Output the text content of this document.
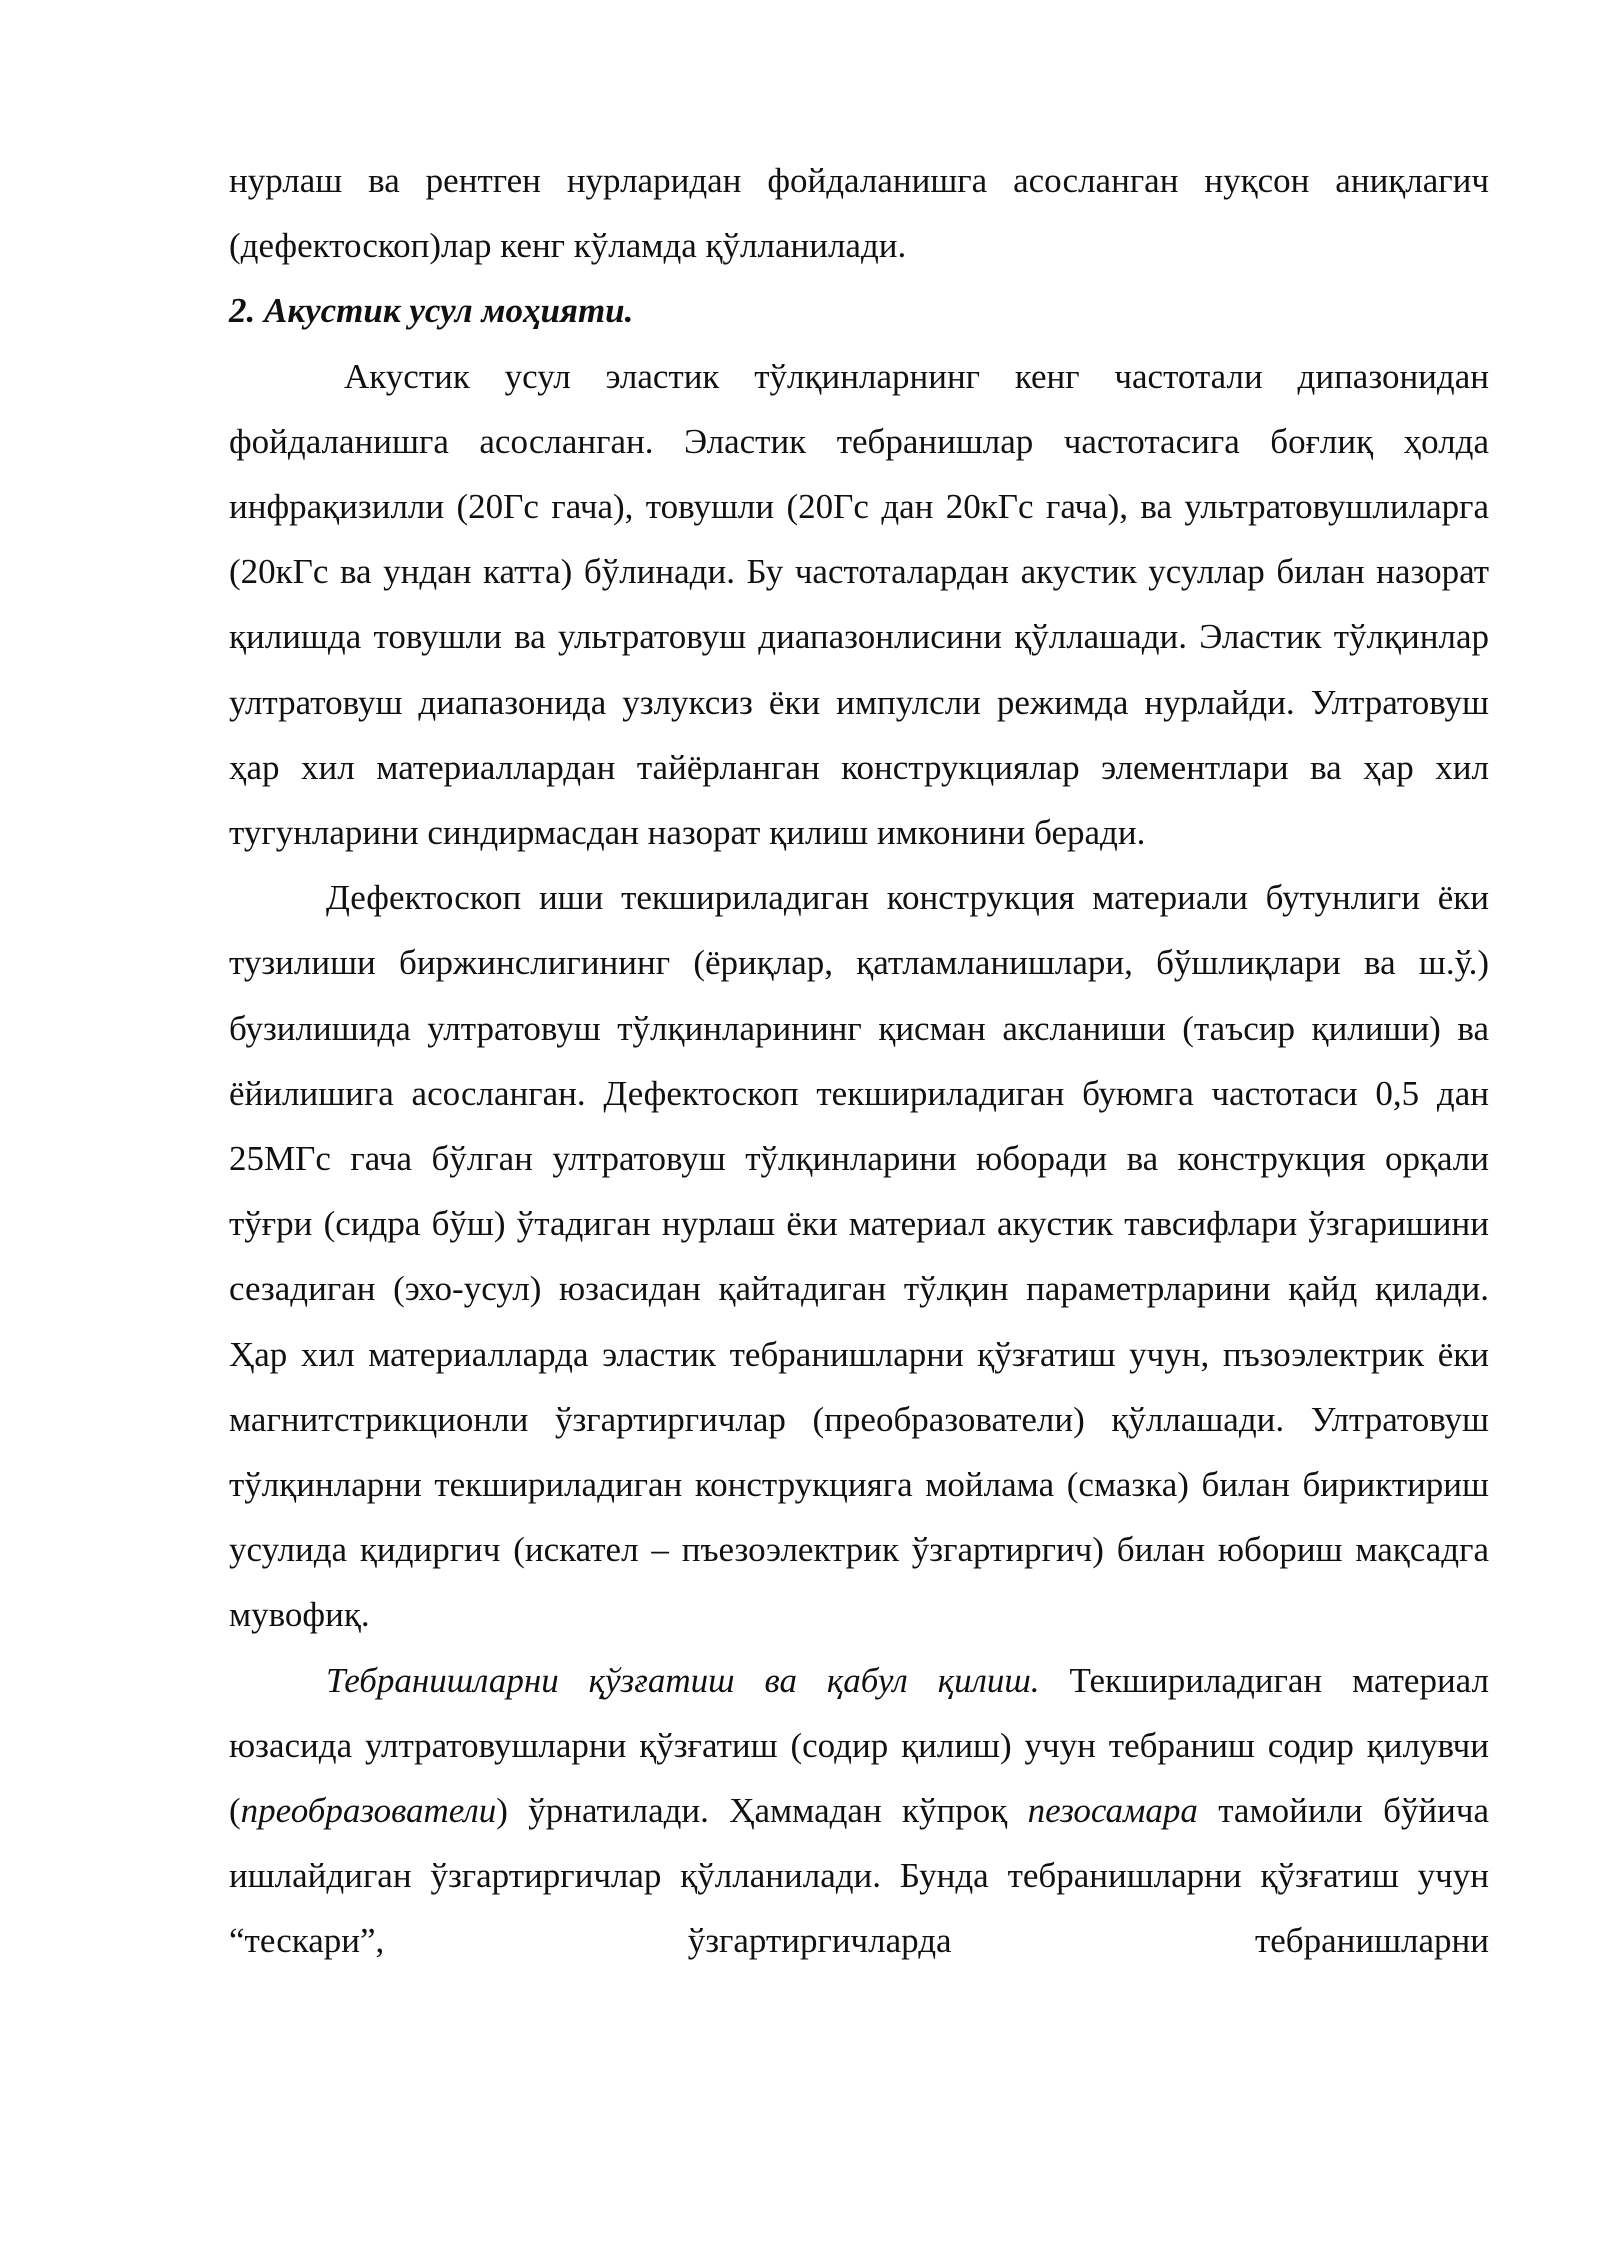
нурлаш ва рентген нурларидан фойдаланишга асосланган нуқсон аниқлагич (дефектоскоп)лар кенг кўламда қўлланилади.

2. Акустик усул моҳияти.

Акустик усул эластик тўлқинларнинг кенг частотали дипазонидан фойдаланишга асосланган. Эластик тебранишлар частотасига боғлиқ ҳолда инфрақизилли (20Гс гача), товушли (20Гс дан 20кГс гача), ва ультратовушлиларга (20кГс ва ундан катта) бўлинади. Бу частоталардан акустик усуллар билан назорат қилишда товушли ва ультратовуш диапазонлисини қўллашади. Эластик тўлқинлар ултратовуш диапазонида узлуксиз ёки импулсли режимда нурлайди. Ултратовуш ҳар хил материаллардан тайёрланган конструкциялар элементлари ва ҳар хил тугунларини синдирмасдан назорат қилиш имконини беради.

Дефектоскоп иши текшириладиган конструкция материали бутунлиги ёки тузилиши биржинслигининг (ёриқлар, қатламланишлари, бўшлиқлари ва ш.ў.) бузилишида ултратовуш тўлқинларининг қисман аксланиши (таъсир қилиши) ва ёйилишига асосланган. Дефектоскоп текшириладиган буюмга частотаси 0,5 дан 25МГс гача бўлган ултратовуш тўлқинларини юборади ва конструкция орқали тўғри (сидра бўш) ўтадиган нурлаш ёки материал акустик тавсифлари ўзгаришини сезадиган (эхо-усул) юзасидан қайтадиган тўлқин параметрларини қайд қилади. Ҳар хил материалларда эластик тебранишларни қўзғатиш учун, пъзоэлектрик ёки магнитстрикционли ўзгартиргичлар (преобразователи) қўллашади. Ултратовуш тўлқинларни текшириладиган конструкцияга мойлама (смазка) билан бириктириш усулида қидиргич (искател – пъезоэлектрик ўзгартиргич) билан юбориш мақсадга мувофиқ.

Тебранишларни қўзғатиш ва қабул қилиш. Текшириладиган материал юзасида ултратовушларни қўзғатиш (содир қилиш) учун тебраниш содир қилувчи (преобразователи) ўрнатилади. Ҳаммадан кўпроқ пезосамара тамойили бўйича ишлайдиган ўзгартиргичлар қўлланилади. Бунда тебранишларни қўзғатиш учун “тескари”, ўзгартиргичларда тебранишларни
